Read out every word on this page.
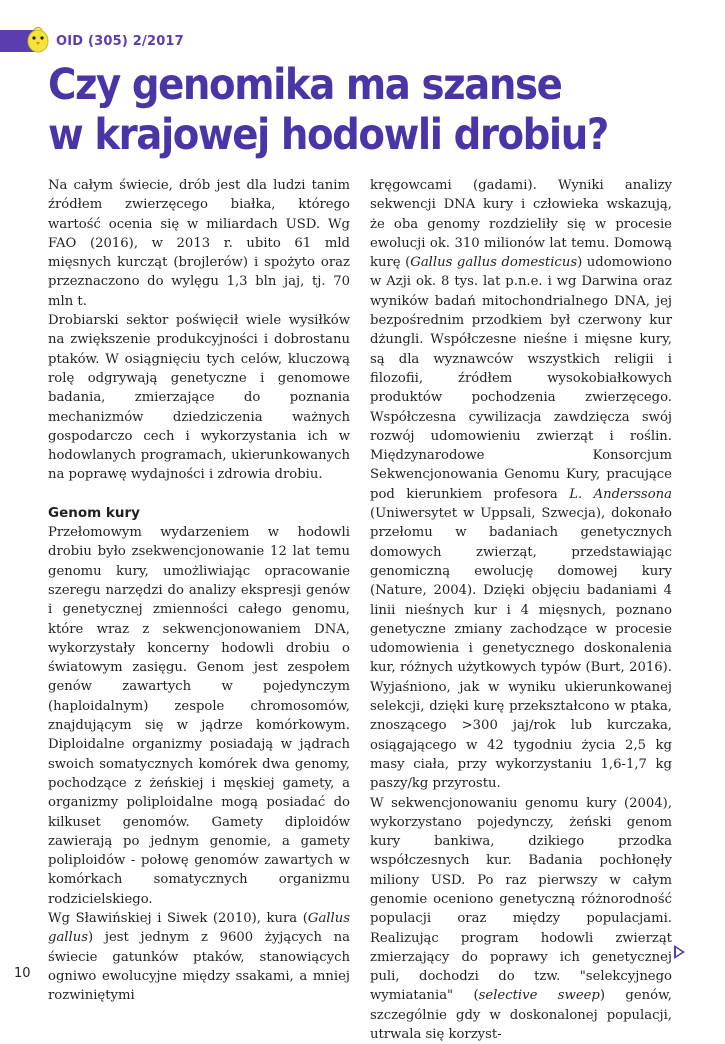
OID (305) 2/2017
Czy genomika ma szanse
w krajowej hodowli drobiu?

Na całym świecie, drób jest dla ludzi tanim źródłem zwierzęcego białka, którego wartość ocenia się w miliardach USD. Wg FAO (2016), w 2013 r. ubito 61 mld mięsnych kurcząt (brojlerów) i spożyto oraz przeznaczono do wylęgu 1,3 bln jaj, tj. 70 mln t.

Drobiarski sektor poświęcił wiele wysiłków na zwiększenie produkcyjności i dobrostanu ptaków. W osiągnięciu tych celów, kluczową rolę odgrywają genetyczne i genomowe badania, zmierzające do poznania mechanizmów dziedziczenia ważnych gospodarczo cech i wykorzystania ich w hodowlanych programach, ukierunkowanych na poprawę wydajności i zdrowia drobiu.

Genom kury

Przełomowym wydarzeniem w hodowli drobiu było zsekwencjonowanie 12 lat temu genomu kury, umożliwiając opracowanie szeregu narzędzi do analizy ekspresji genów i genetycznej zmienności całego genomu, które wraz z sekwencjonowaniem DNA, wykorzystały koncerny hodowli drobiu o światowym zasięgu. Genom jest zespołem genów zawartych w pojedynczym (haploidalnym) zespole chromosomów, znajdującym się w jądrze komórkowym. Diploidalne organizmy posiadają w jądrach swoich somatycznych komórek dwa genomy, pochodzące z żeńskiej i męskiej gamety, a organizmy poliploidalne mogą posiadać do kilkuset genomów. Gamety diploidów zawierają po jednym genomie, a gamety poliploidów - połowę genomów zawartych w komórkach somatycznych organizmu rodzicielskiego.

Wg Sławińskiej i Siwek (2010), kura (Gallus gallus) jest jednym z 9600 żyjących na świecie gatunków ptaków, stanowiących ogniwo ewolucyjne między ssakami, a mniej rozwiniętymi

kręgowcami (gadami). Wyniki analizy sekwencji DNA kury i człowieka wskazują, że oba genomy rozdzieliły się w procesie ewolucji ok. 310 milionów lat temu. Domową kurę (Gallus gallus domesticus) udomowiono w Azji ok. 8 tys. lat p.n.e. i wg Darwina oraz wyników badań mitochondrialnego DNA, jej bezpośrednim przodkiem był czerwony kur dżungli. Współczesne nieśne i mięsne kury, są dla wyznawców wszystkich religii i filozofii, źródłem wysokobiałkowych produktów pochodzenia zwierzęcego. Współczesna cywilizacja zawdzięcza swój rozwój udomowieniu zwierząt i roślin. Międzynarodowe Konsorcjum Sekwencjonowania Genomu Kury, pracujące pod kierunkiem profesora L. Anderssona (Uniwersytet w Uppsali, Szwecja), dokonało przełomu w badaniach genetycznych domowych zwierząt, przedstawiając genomiczną ewolucję domowej kury (Nature, 2004). Dzięki objęciu badaniami 4 linii nieśnych kur i 4 mięsnych, poznano genetyczne zmiany zachodzące w procesie udomowienia i genetycznego doskonalenia kur, różnych użytkowych typów (Burt, 2016). Wyjaśniono, jak w wyniku ukierunkowanej selekcji, dzięki kurę przekształcono w ptaka, znoszącego >300 jaj/rok lub kurczaka, osiągającego w 42 tygodniu życia 2,5 kg masy ciała, przy wykorzystaniu 1,6-1,7 kg paszy/kg przyrostu.

W sekwencjonowaniu genomu kury (2004), wykorzystano pojedynczy, żeński genom kury bankiwa, dzikiego przodka współczesnych kur. Badania pochłonęły miliony USD. Po raz pierwszy w całym genomie oceniono genetyczną różnorodność populacji oraz między populacjami. Realizując program hodowli zwierząt zmierzający do poprawy ich genetycznej puli, dochodzi do tzw. "selekcyjnego wymiatania" (selective sweep) genów, szczególnie gdy w doskonalonej populacji, utrwala się korzyst-

10
